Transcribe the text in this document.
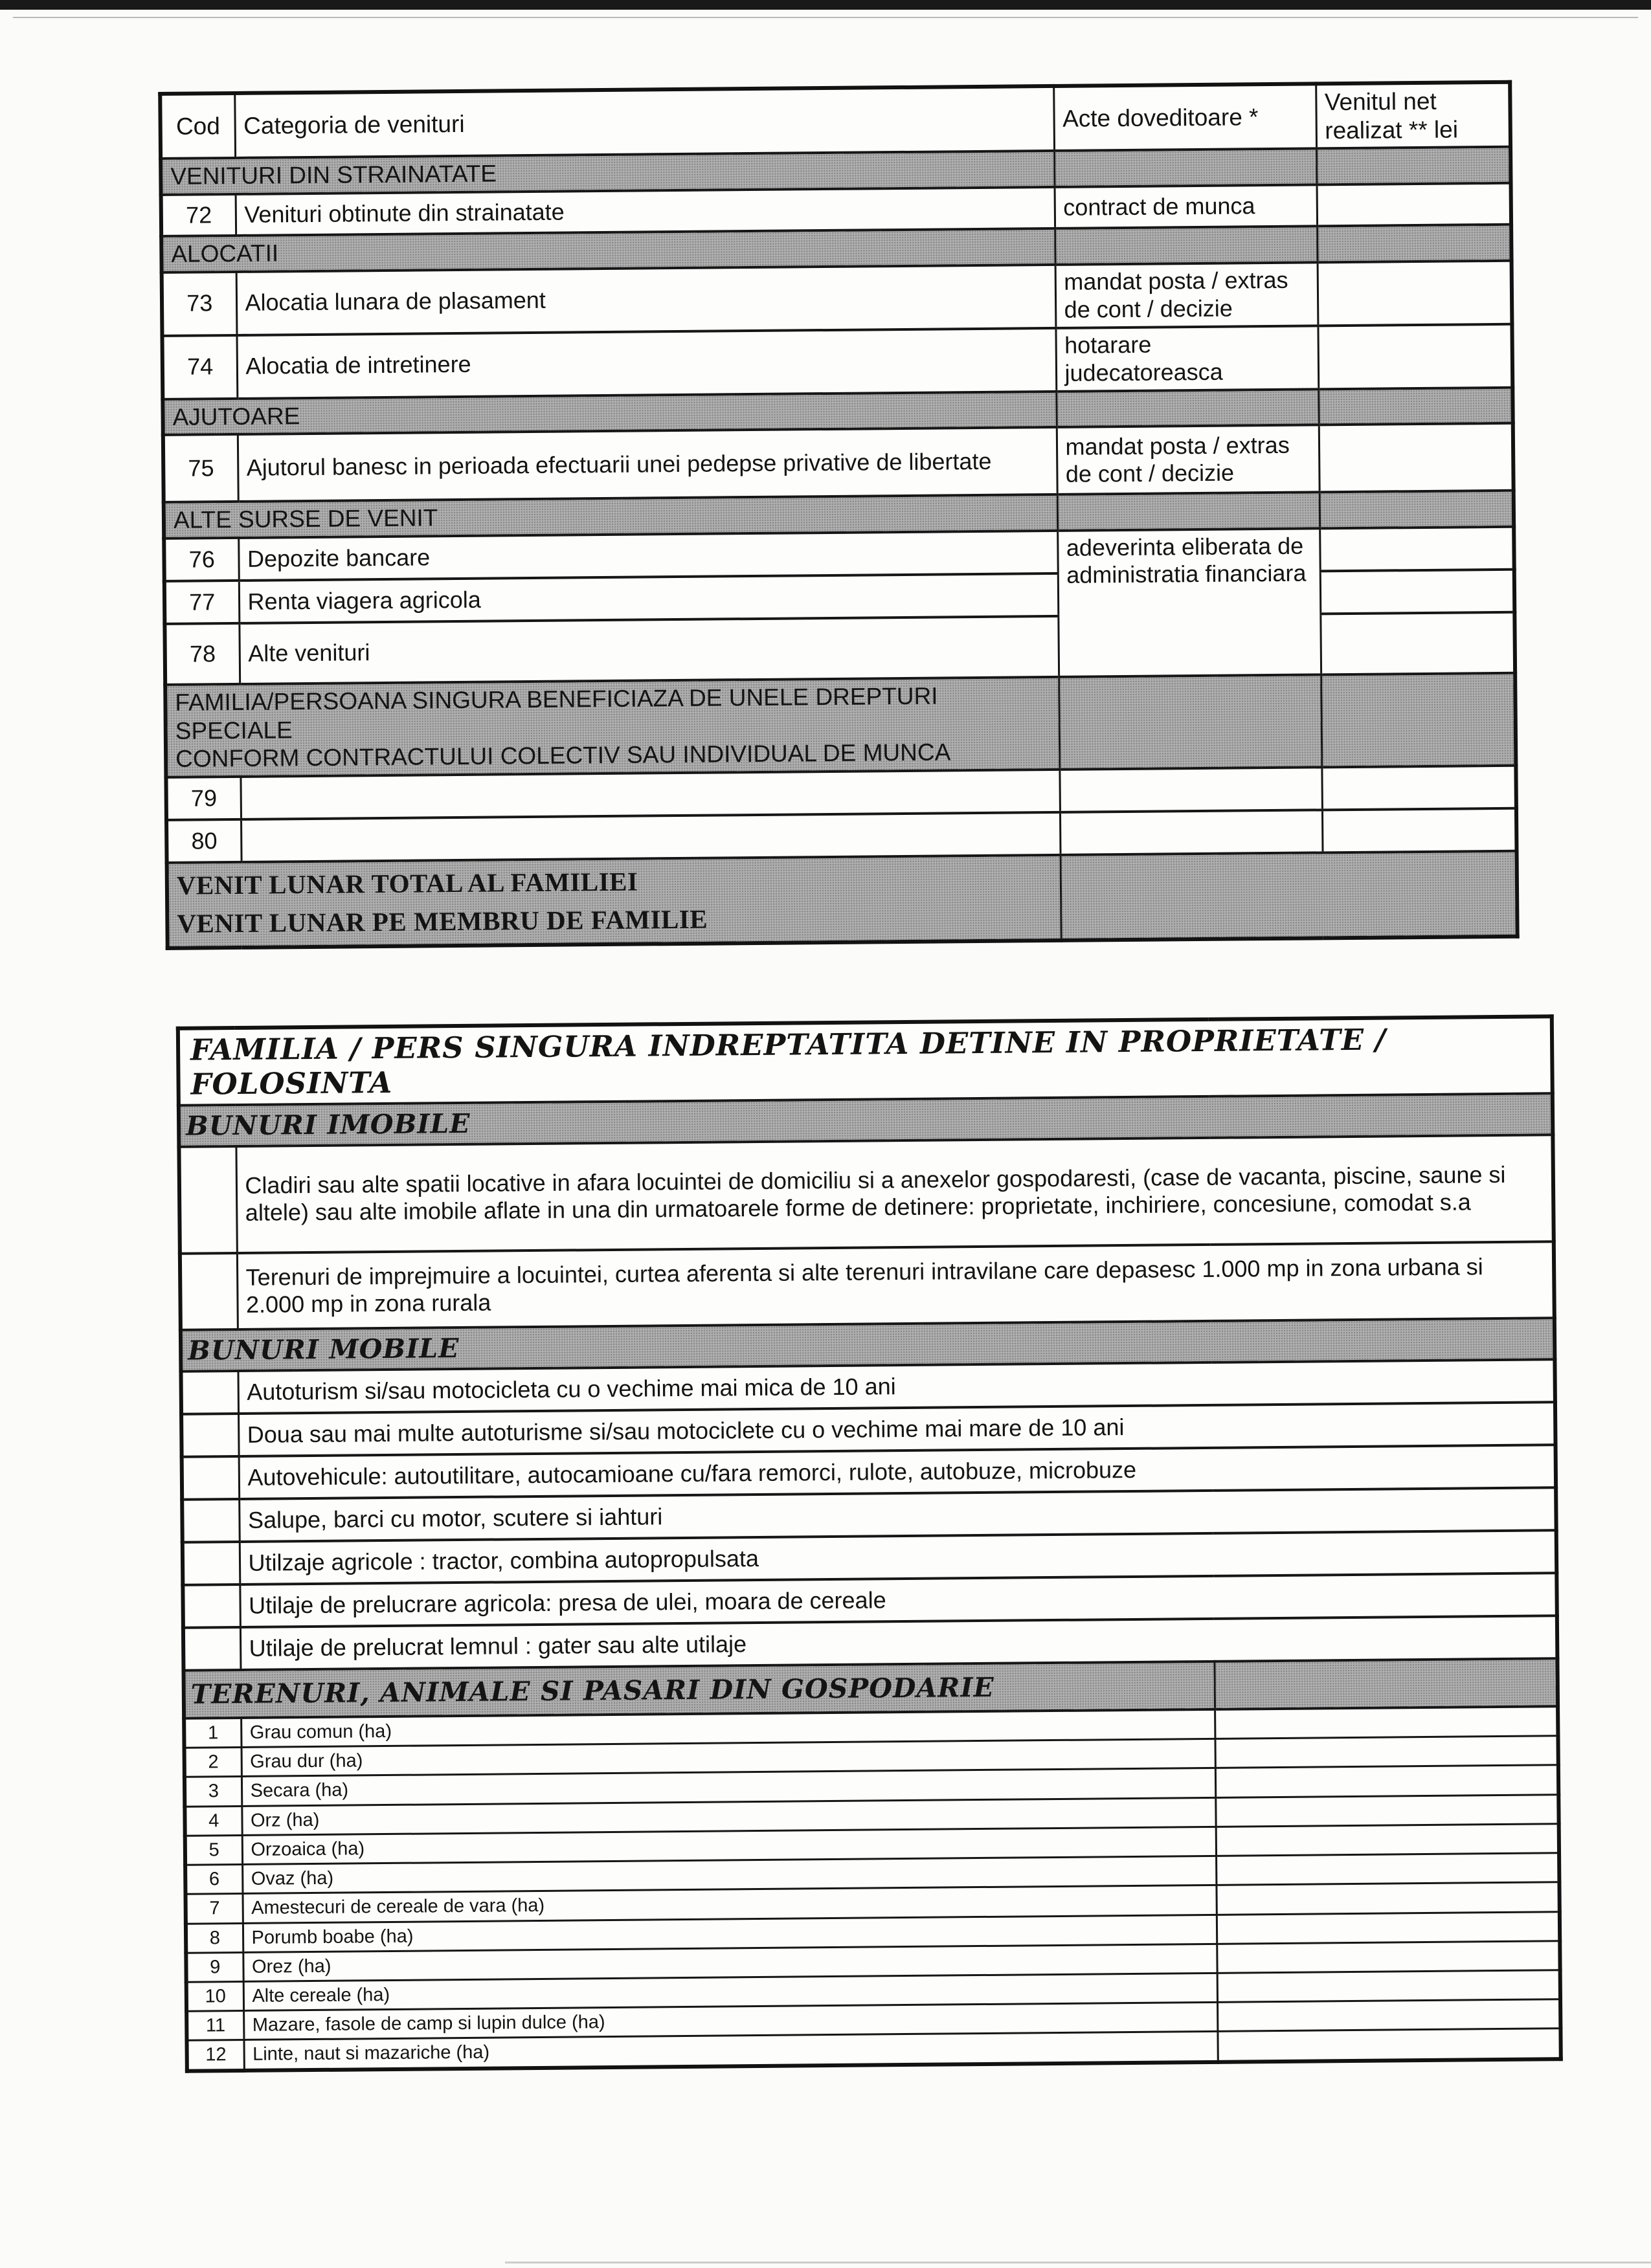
Cod	Categoria de venituri	Acte doveditoare *	Venitul net realizat ** lei
VENITURI DIN STRAINATATE			
72	Venituri obtinute din strainatate	contract de munca	
ALOCATII			
73	Alocatia lunara de plasament	mandat posta / extras de cont / decizie	
74	Alocatia de intretinere	hotarare judecatoreasca	
AJUTOARE			
75	Ajutorul banesc in perioada efectuarii unei pedepse privative de libertate	mandat posta / extras de cont / decizie	
ALTE SURSE DE VENIT			
76	Depozite bancare	adeverinta eliberata de administratia financiara	
77	Renta viagera agricola		
78	Alte venituri		

FAMILIA/PERSOANA SINGURA BENEFICIAZA DE UNELE DREPTURI SPECIALE
CONFORM CONTRACTULUI COLECTIV SAU INDIVIDUAL DE MUNCA			

79			
80			

VENIT LUNAR TOTAL AL FAMILIEI
VENIT LUNAR PE MEMBRU DE FAMILIE			

FAMILIA / PERS SINGURA INDREPTATITA DETINE IN PROPRIETATE / FOLOSINTA		
BUNURI IMOBILE		
	Cladiri sau alte spatii locative in afara locuintei de domiciliu si a anexelor gospodaresti, (case de vacanta, piscine, saune si altele) sau alte imobile aflate in una din urmatoarele forme de detinere: proprietate, inchiriere, concesiune, comodat s.a	
	Terenuri de imprejmuire a locuintei, curtea aferenta si alte terenuri intravilane care depasesc 1.000 mp in zona urbana si 2.000 mp in zona rurala	
BUNURI MOBILE		
	Autoturism si/sau motocicleta cu o vechime mai mica de 10 ani	
	Doua sau mai multe autoturisme si/sau motociclete cu o vechime mai mare de 10 ani	
	Autovehicule: autoutilitare, autocamioane cu/fara remorci, rulote, autobuze, microbuze	
	Salupe, barci cu motor, scutere si iahturi	
	Utilzaje agricole : tractor, combina autopropulsata	
	Utilaje de prelucrare agricola: presa de ulei, moara de cereale	
	Utilaje de prelucrat lemnul : gater sau alte utilaje	
TERENURI, ANIMALE SI PASARI DIN GOSPODARIE		
1	Grau comun (ha)	
2	Grau dur (ha)	
3	Secara (ha)	
4	Orz (ha)	
5	Orzoaica (ha)	
6	Ovaz (ha)	
7	Amestecuri de cereale de vara (ha)	
8	Porumb boabe (ha)	
9	Orez (ha)	
10	Alte cereale (ha)	
11	Mazare, fasole de camp si lupin dulce (ha)	
12	Linte, naut si mazariche (ha)	
